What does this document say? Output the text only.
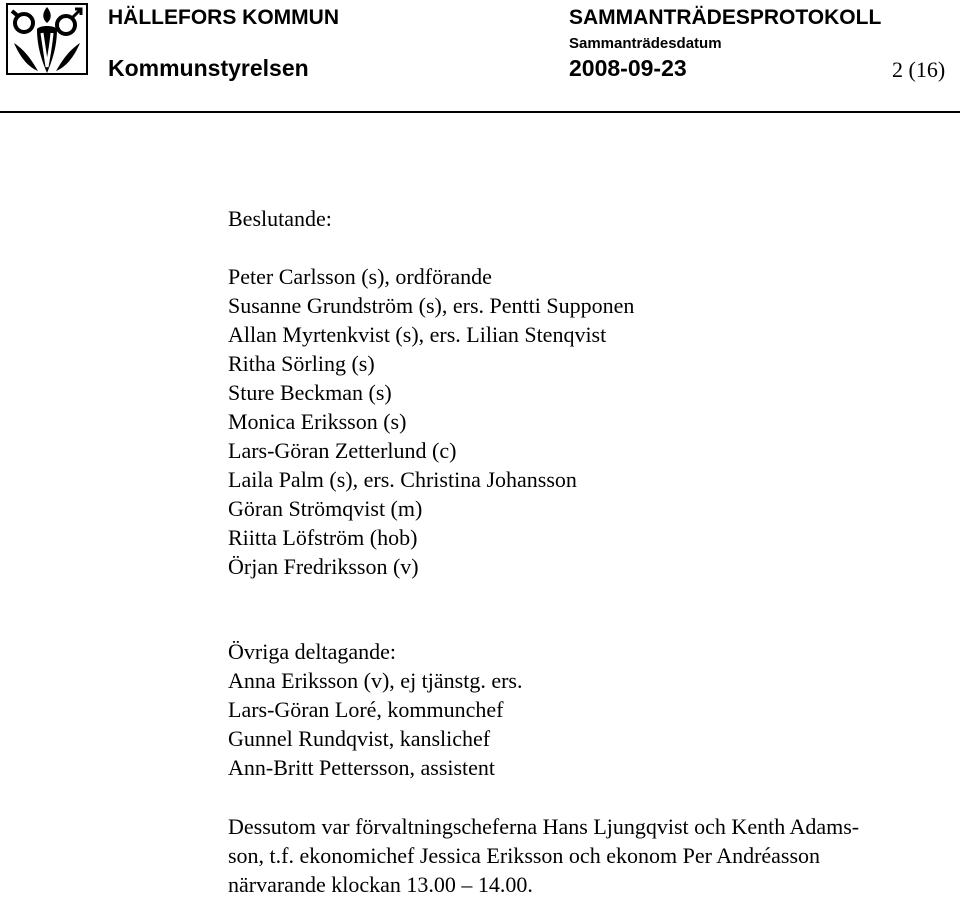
HÄLLEFORS KOMMUN	SAMMANTRÄDESPROTOKOLL
Sammanträdesdatum
Kommunstyrelsen	2008-09-23	2 (16)
Beslutande:
Peter Carlsson (s), ordförande
Susanne Grundström (s), ers. Pentti Supponen
Allan Myrtenkvist (s), ers. Lilian Stenqvist
Ritha Sörling (s)
Sture Beckman (s)
Monica Eriksson (s)
Lars-Göran Zetterlund (c)
Laila Palm (s), ers. Christina Johansson
Göran Strömqvist (m)
Riitta Löfström (hob)
Örjan Fredriksson (v)
Övriga deltagande:
Anna Eriksson (v), ej tjänstg. ers.
Lars-Göran Loré, kommunchef
Gunnel Rundqvist, kanslichef
Ann-Britt Pettersson, assistent
Dessutom var förvaltningscheferna Hans Ljungqvist och Kenth Adams-
son, t.f. ekonomichef Jessica Eriksson och ekonom Per Andréasson
närvarande klockan 13.00 – 14.00.
